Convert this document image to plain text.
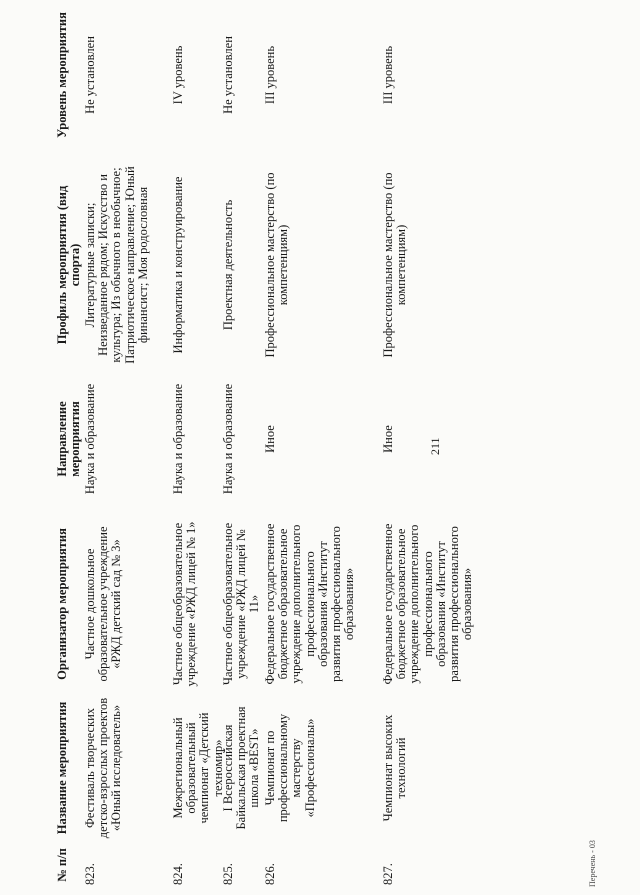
211
№ п/п
Название мероприятия
Организатор мероприятия
Направление мероприятия
Профиль мероприятия (вид спорта)
Уровень мероприятия
823.
Фестиваль творческих детско-взрослых проектов «Юный исследователь»
Частное дошкольное образовательное учреждение «РЖД детский сад № 3»
Наука и образование
Литературные записки; Неизведанное рядом; Искусство и культура; Из обычного в необычное; Патриотическое направление; Юный финансист; Моя родословная
Не установлен
824.
Межрегиональный образовательный чемпионат «Детский техномир»
Частное общеобразовательное учреждение «РЖД лицей № 1»
Наука и образование
Информатика и конструирование
IV уровень
825.
I Всероссийская Байкальская проектная школа «BEST»
Частное общеобразовательное учреждение «РЖД лицей № 11»
Наука и образование
Проектная деятельность
Не установлен
826.
Чемпионат по профессиональному мастерству «Профессионалы»
Федеральное государственное бюджетное образовательное учреждение дополнительного профессионального образования «Институт развития профессионального образования»
Иное
Профессиональное мастерство (по компетенциям)
III уровень
827.
Чемпионат высоких технологий
Федеральное государственное бюджетное образовательное учреждение дополнительного профессионального образования «Институт развития профессионального образования»
Иное
Профессиональное мастерство (по компетенциям)
III уровень
Перечень - 03
